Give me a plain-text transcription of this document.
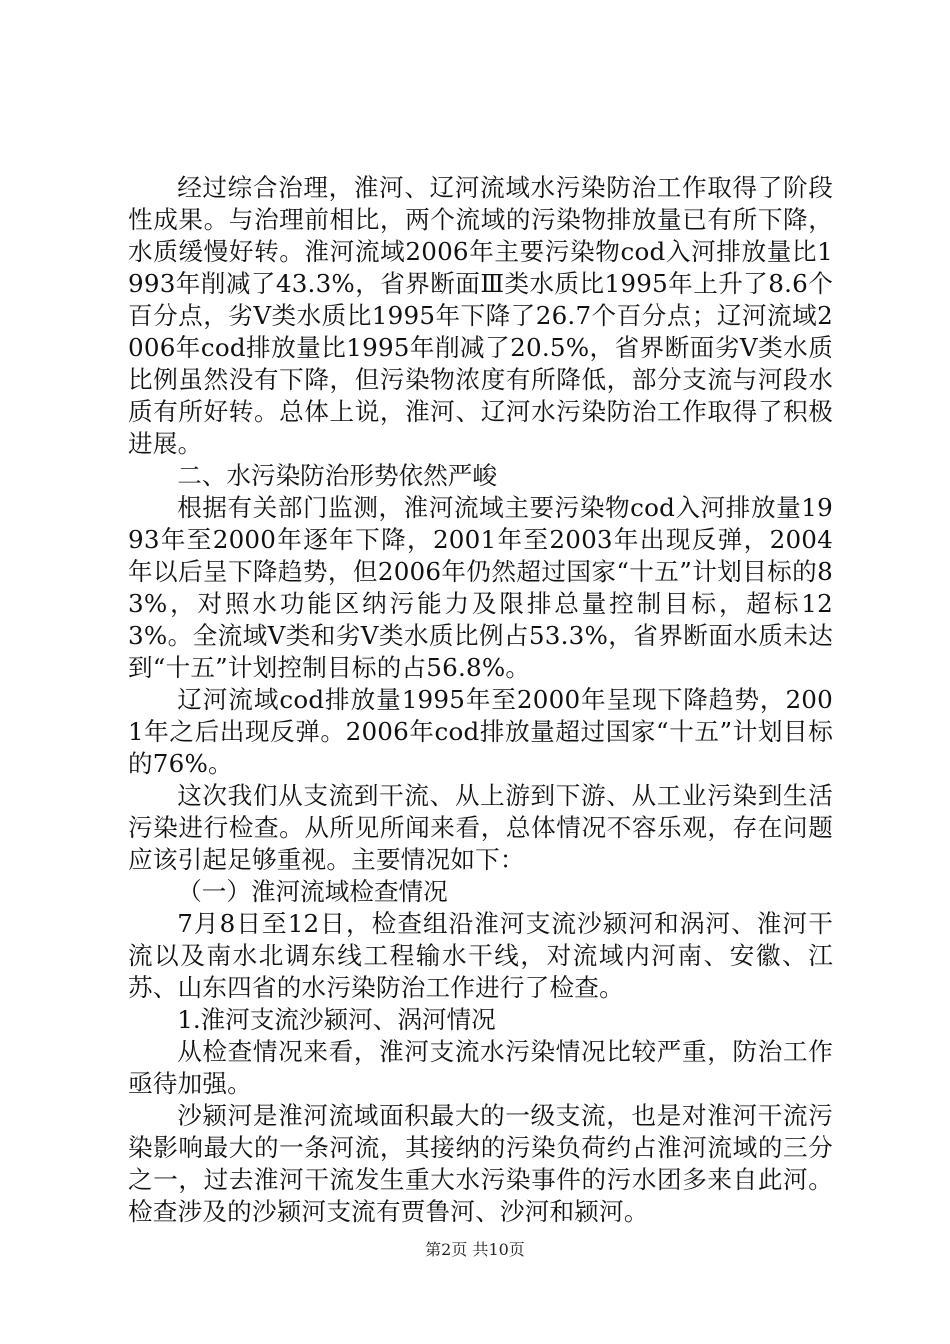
经过综合治理，淮河、辽河流域水污染防治工作取得了阶段性成果。与治理前相比，两个流域的污染物排放量已有所下降，水质缓慢好转。淮河流域2006年主要污染物cod入河排放量比1993年削减了43.3%，省界断面Ⅲ类水质比1995年上升了8.6个百分点，劣Ⅴ类水质比1995年下降了26.7个百分点；辽河流域2006年cod排放量比1995年削减了20.5%，省界断面劣Ⅴ类水质比例虽然没有下降，但污染物浓度有所降低，部分支流与河段水质有所好转。总体上说，淮河、辽河水污染防治工作取得了积极进展。

二、水污染防治形势依然严峻

根据有关部门监测，淮河流域主要污染物cod入河排放量1993年至2000年逐年下降，2001年至2003年出现反弹，2004年以后呈下降趋势，但2006年仍然超过国家“十五”计划目标的83%，对照水功能区纳污能力及限排总量控制目标，超标123%。全流域Ⅴ类和劣Ⅴ类水质比例占53.3%，省界断面水质未达到“十五”计划控制目标的占56.8%。

辽河流域cod排放量1995年至2000年呈现下降趋势，2001年之后出现反弹。2006年cod排放量超过国家“十五”计划目标的76%。

这次我们从支流到干流、从上游到下游、从工业污染到生活污染进行检查。从所见所闻来看，总体情况不容乐观，存在问题应该引起足够重视。主要情况如下：

（一）淮河流域检查情况

7月8日至12日，检查组沿淮河支流沙颍河和涡河、淮河干流以及南水北调东线工程输水干线，对流域内河南、安徽、江苏、山东四省的水污染防治工作进行了检查。

1.淮河支流沙颍河、涡河情况

从检查情况来看，淮河支流水污染情况比较严重，防治工作亟待加强。

沙颍河是淮河流域面积最大的一级支流，也是对淮河干流污染影响最大的一条河流，其接纳的污染负荷约占淮河流域的三分之一，过去淮河干流发生重大水污染事件的污水团多来自此河。检查涉及的沙颍河支流有贾鲁河、沙河和颍河。

第2页 共10页
